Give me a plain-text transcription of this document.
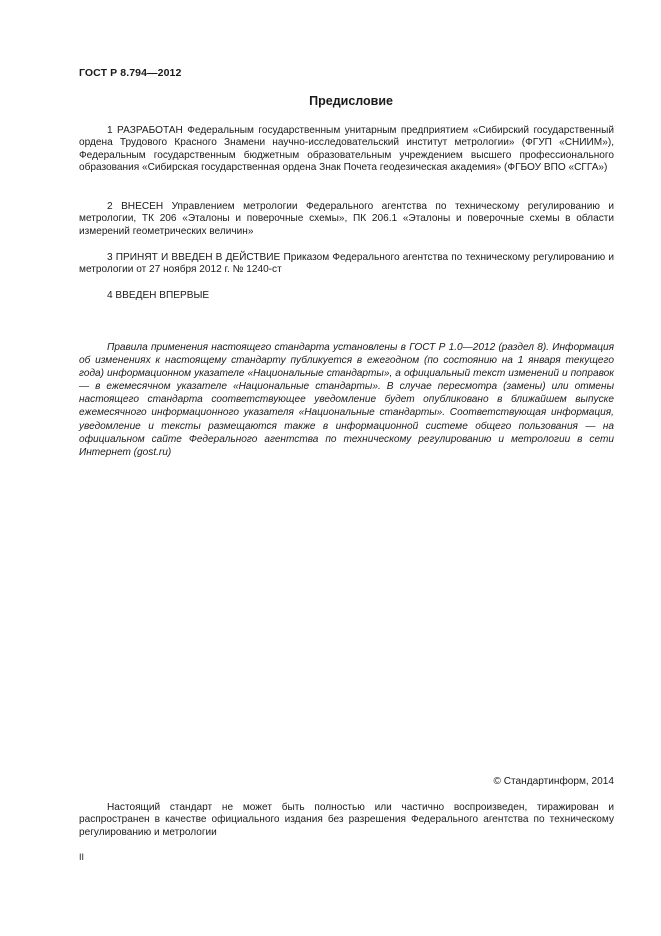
ГОСТ Р 8.794—2012
Предисловие

1 РАЗРАБОТАН Федеральным государственным унитарным предприятием «Сибирский государственный ордена Трудового Красного Знамени научно-исследовательский институт метрологии» (ФГУП «СНИИМ»), Федеральным государственным бюджетным образовательным учреждением высшего профессионального образования «Сибирская государственная ордена Знак Почета геодезическая академия» (ФГБОУ ВПО «СГГА»)

2 ВНЕСЕН Управлением метрологии Федерального агентства по техническому регулированию и метрологии, ТК 206 «Эталоны и поверочные схемы», ПК 206.1 «Эталоны и поверочные схемы в области измерений геометрических величин»

3 ПРИНЯТ И ВВЕДЕН В ДЕЙСТВИЕ Приказом Федерального агентства по техническому регулированию и метрологии от 27 ноября 2012 г. № 1240-ст

4 ВВЕДЕН ВПЕРВЫЕ

Правила применения настоящего стандарта установлены в ГОСТ Р 1.0—2012 (раздел 8). Информация об изменениях к настоящему стандарту публикуется в ежегодном (по состоянию на 1 января текущего года) информационном указателе «Национальные стандарты», а официальный текст изменений и поправок — в ежемесячном указателе «Национальные стандарты». В случае пересмотра (замены) или отмены настоящего стандарта соответствующее уведомление будет опубликовано в ближайшем выпуске ежемесячного информационного указателя «Национальные стандарты». Соответствующая информация, уведомление и тексты размещаются также в информационной системе общего пользования — на официальном сайте Федерального агентства по техническому регулированию и метрологии в сети Интернет (gost.ru)

© Стандартинформ, 2014

Настоящий стандарт не может быть полностью или частично воспроизведен, тиражирован и распространен в качестве официального издания без разрешения Федерального агентства по техническому регулированию и метрологии

II
